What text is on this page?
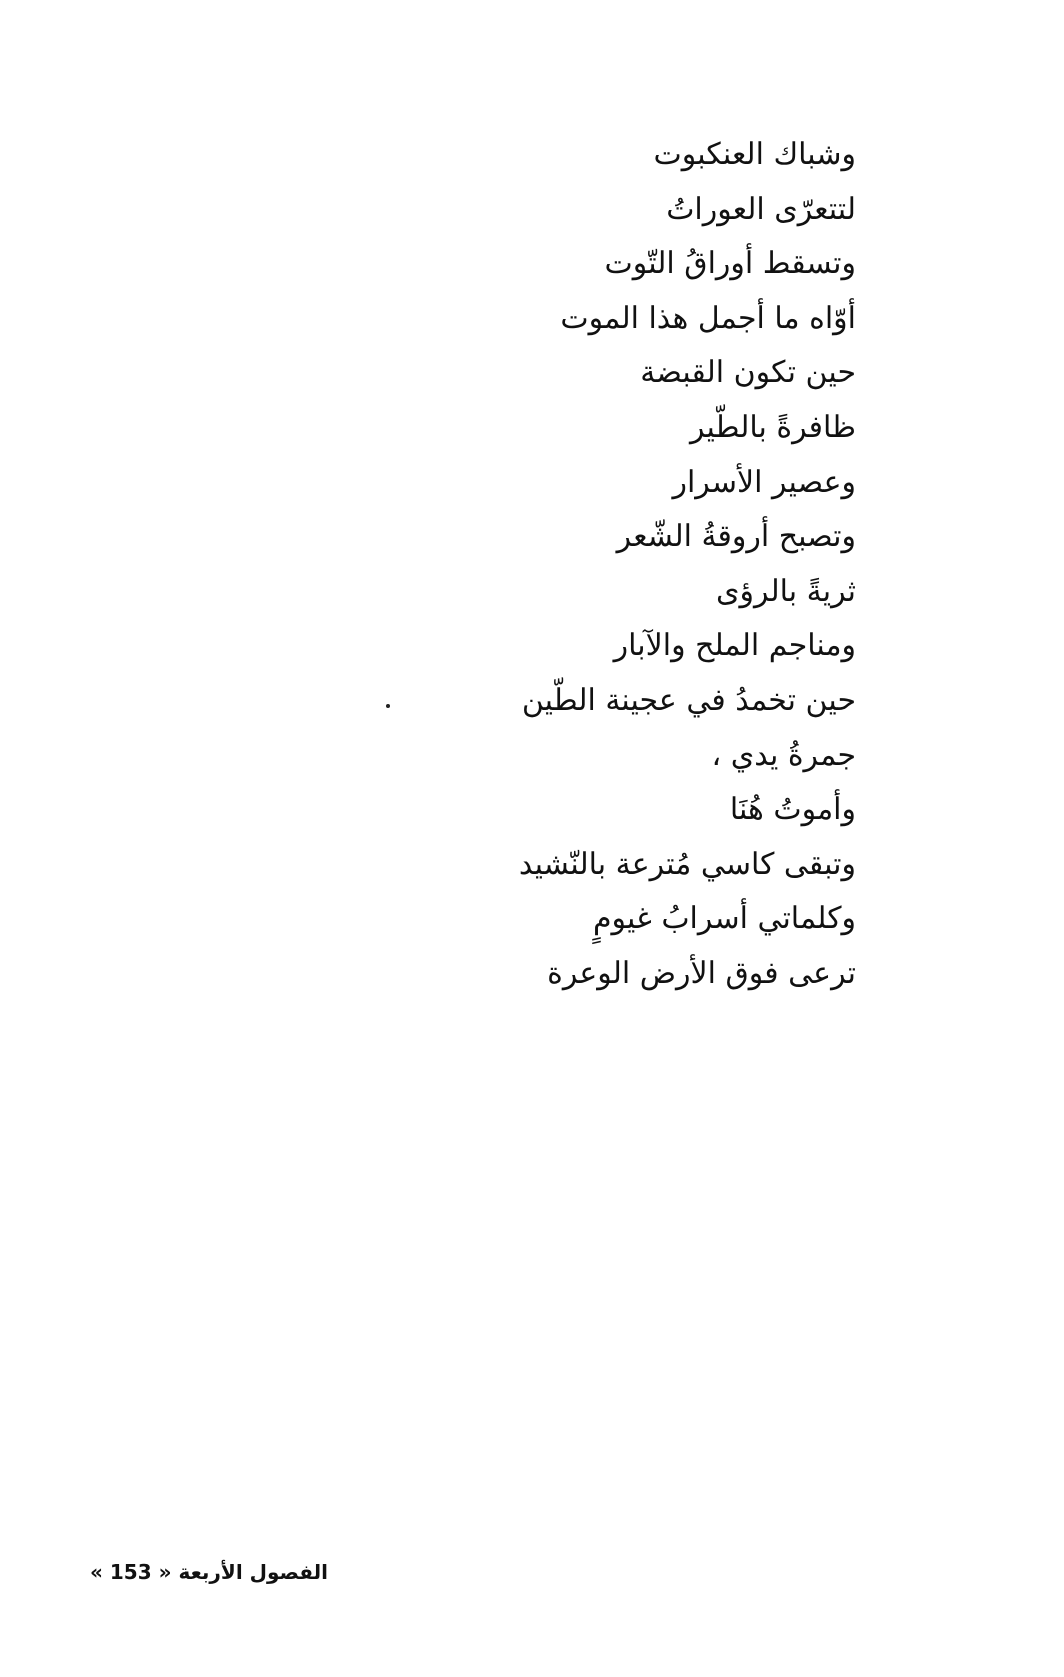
وشباك العنكبوت
لتتعرّى العوراتُ
وتسقط أوراقُ التّوت
أوّاه ما أجمل هذا الموت
حين تكون القبضة
ظافرةً بالطّير
وعصير الأسرار
وتصبح أروقةُ الشّعر
ثريةً بالرؤى
ومناجم الملح والآبار
حين تخمدُ في عجينة الطّين
جمرةُ يدي ،
وأموتُ هُنَا
وتبقى كاسي مُترعة بالنّشيد
وكلماتي أسرابُ غيومٍ
ترعى فوق الأرض الوعرة
الفصول الأربعة « 153 »
